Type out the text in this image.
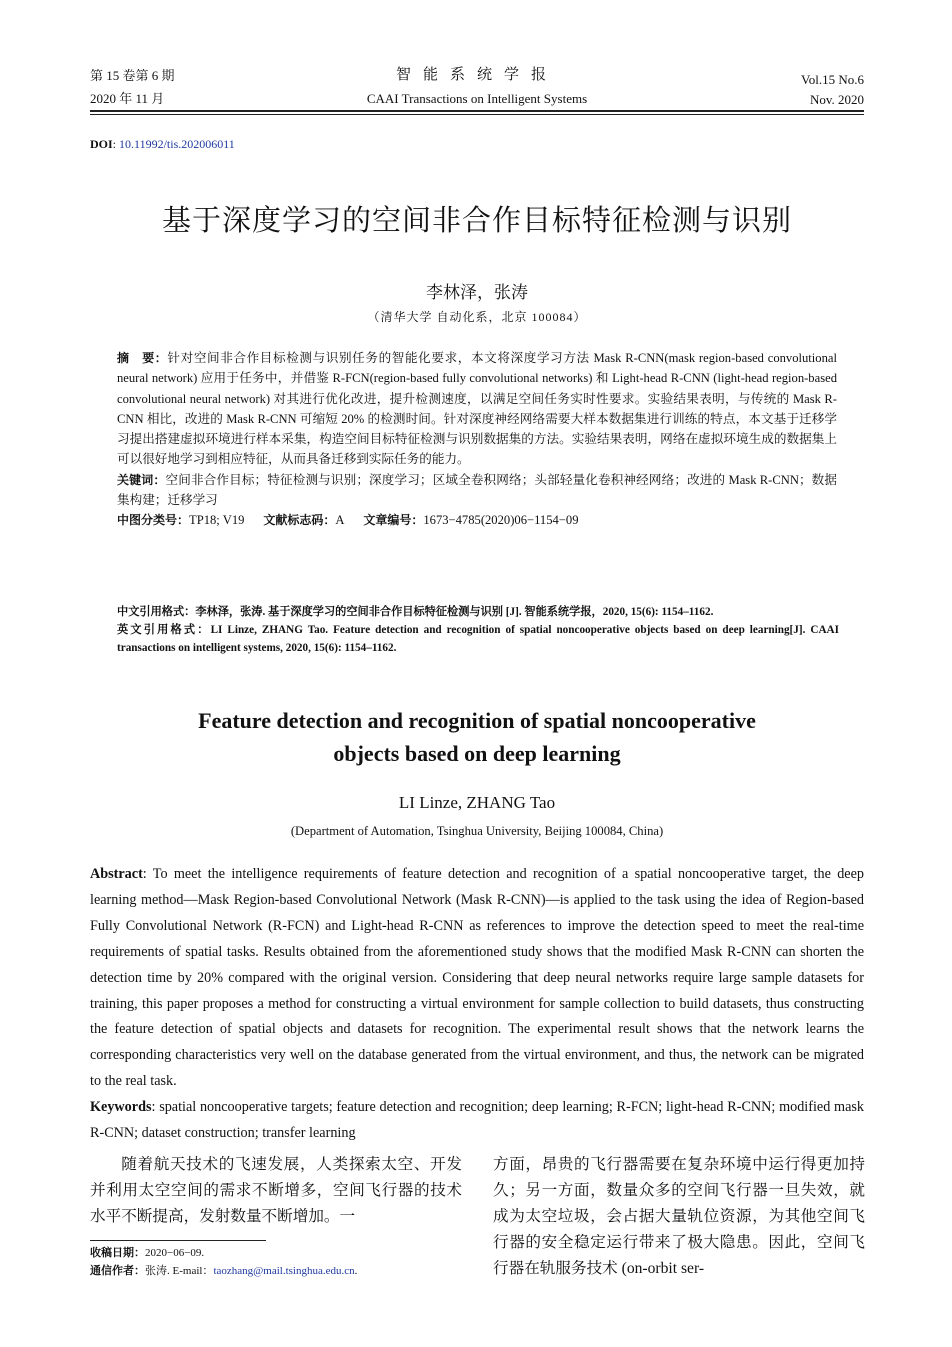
第 15 卷第 6 期
2020 年 11 月
智能系统学报
CAAI Transactions on Intelligent Systems
Vol.15 No.6
Nov. 2020
DOI: 10.11992/tis.202006011
基于深度学习的空间非合作目标特征检测与识别
李林泽，张涛
（清华大学 自动化系，北京 100084）
摘　要：针对空间非合作目标检测与识别任务的智能化要求，本文将深度学习方法 Mask R-CNN(mask region-based convolutional neural network) 应用于任务中，并借鉴 R-FCN(region-based fully convolutional networks) 和 Light-head R-CNN (light-head region-based convolutional neural network) 对其进行优化改进，提升检测速度，以满足空间任务实时性要求。实验结果表明，与传统的 Mask R-CNN 相比，改进的 Mask R-CNN 可缩短 20% 的检测时间。针对深度神经网络需要大样本数据集进行训练的特点，本文基于迁移学习提出搭建虚拟环境进行样本采集，构造空间目标特征检测与识别数据集的方法。实验结果表明，网络在虚拟环境生成的数据集上可以很好地学习到相应特征，从而具备迁移到实际任务的能力。
关键词：空间非合作目标；特征检测与识别；深度学习；区域全卷积网络；头部轻量化卷积神经网络；改进的 Mask R-CNN；数据集构建；迁移学习
中图分类号：TP18; V19 文献标志码：A 文章编号：1673−4785(2020)06−1154−09
中文引用格式：李林泽，张涛. 基于深度学习的空间非合作目标特征检测与识别 [J]. 智能系统学报，2020, 15(6): 1154–1162.
英文引用格式：LI Linze, ZHANG Tao. Feature detection and recognition of spatial noncooperative objects based on deep learning[J]. CAAI transactions on intelligent systems, 2020, 15(6): 1154–1162.
Feature detection and recognition of spatial noncooperative
objects based on deep learning
LI Linze, ZHANG Tao
(Department of Automation, Tsinghua University, Beijing 100084, China)
Abstract: To meet the intelligence requirements of feature detection and recognition of a spatial noncooperative target, the deep learning method—Mask Region-based Convolutional Network (Mask R-CNN)—is applied to the task using the idea of Region-based Fully Convolutional Network (R-FCN) and Light-head R-CNN as references to improve the detection speed to meet the real-time requirements of spatial tasks. Results obtained from the aforementioned study shows that the modified Mask R-CNN can shorten the detection time by 20% compared with the original version. Considering that deep neural networks require large sample datasets for training, this paper proposes a method for constructing a virtual environment for sample collection to build datasets, thus constructing the feature detection of spatial objects and datasets for recognition. The experimental result shows that the network learns the corresponding characteristics very well on the database generated from the virtual environment, and thus, the network can be migrated to the real task.
Keywords: spatial noncooperative targets; feature detection and recognition; deep learning; R-FCN; light-head R-CNN; modified mask R-CNN; dataset construction; transfer learning
随着航天技术的飞速发展，人类探索太空、开发并利用太空空间的需求不断增多，空间飞行器的技术水平不断提高，发射数量不断增加。一
方面，昂贵的飞行器需要在复杂环境中运行得更加持久；另一方面，数量众多的空间飞行器一旦失效，就成为太空垃圾，会占据大量轨位资源，为其他空间飞行器的安全稳定运行带来了极大隐患。因此，空间飞行器在轨服务技术 (on-orbit ser-
收稿日期：2020−06−09.
通信作者：张涛. E-mail：taozhang@mail.tsinghua.edu.cn.
